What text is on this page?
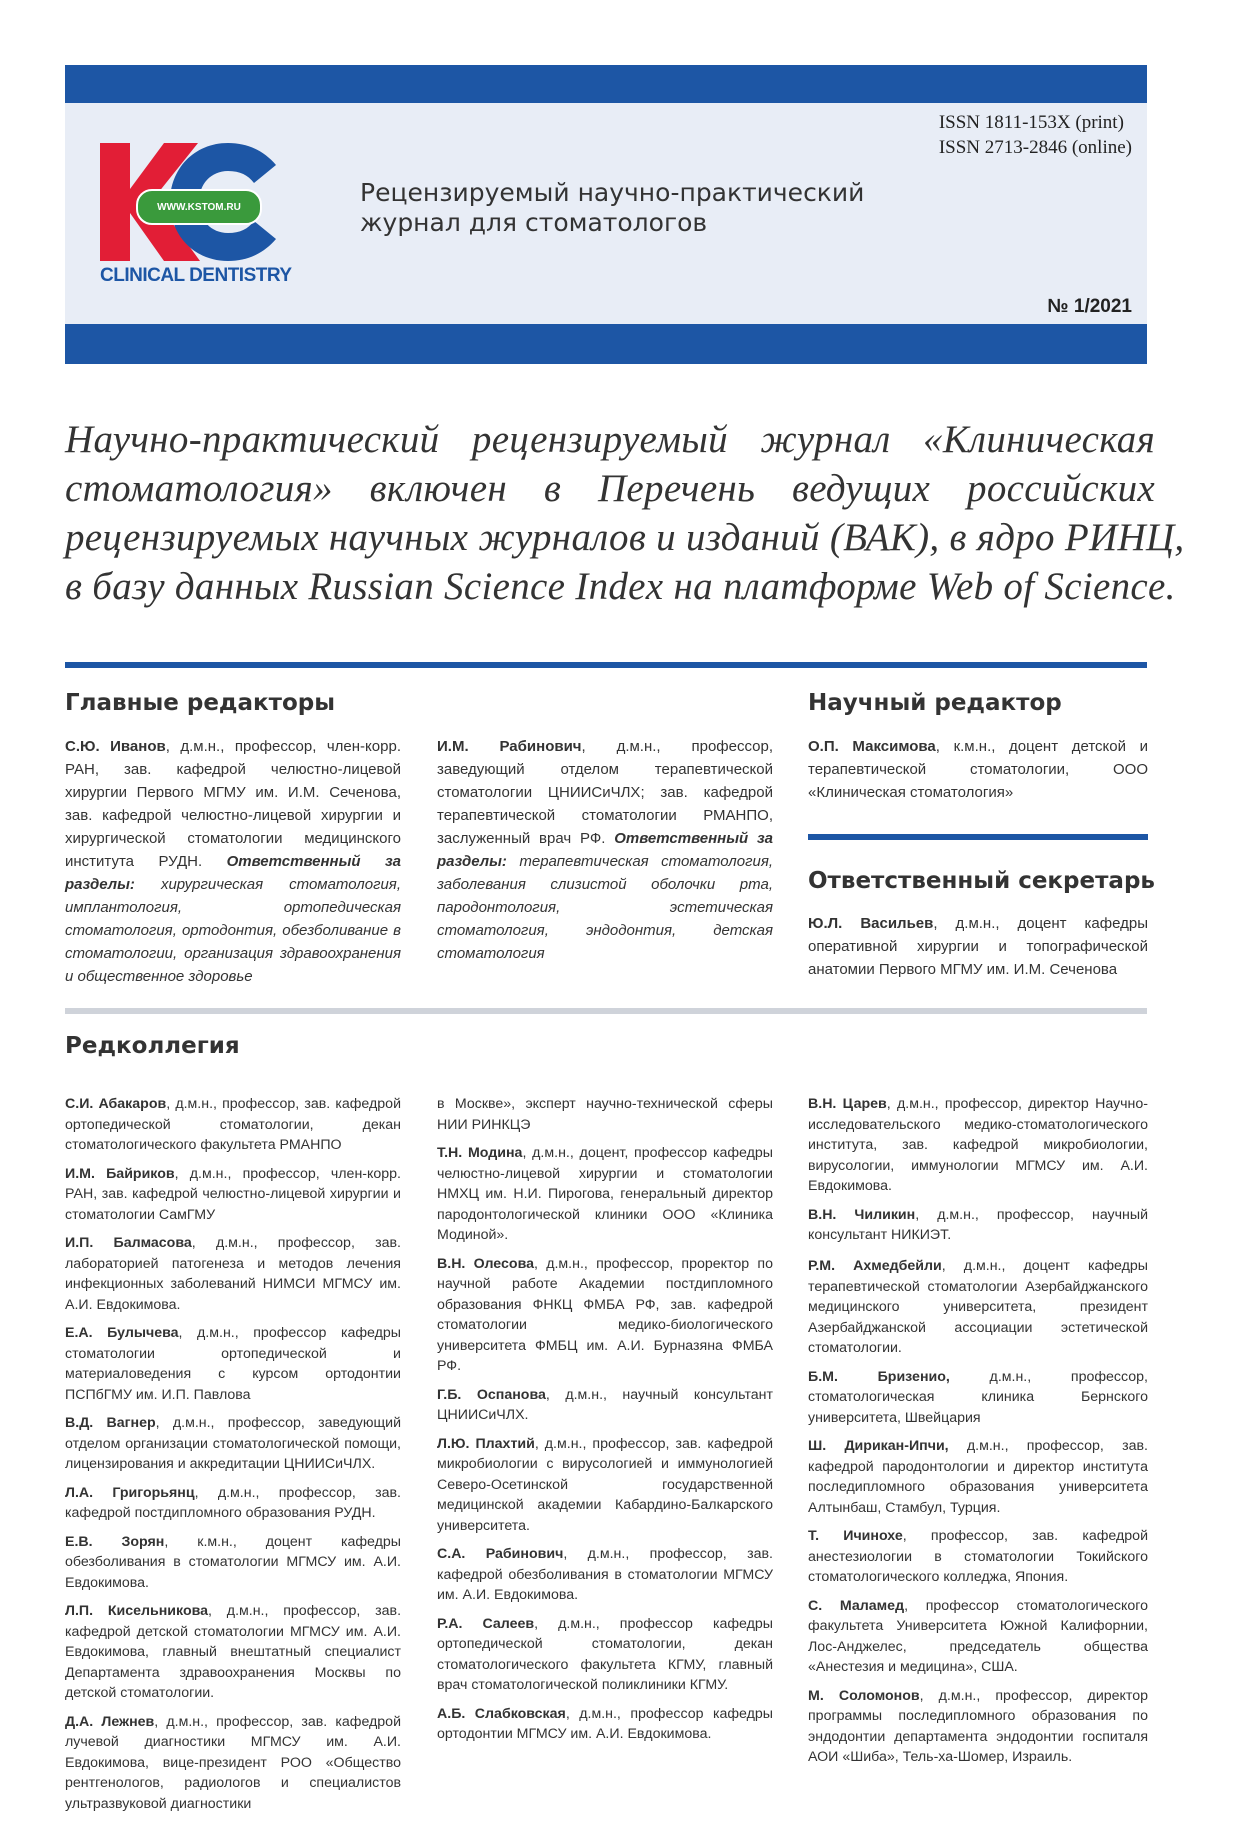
WWW.KSTOM.RU
CLINICAL DENTISTRY
Рецензируемый научно-практический
журнал для стоматологов
ISSN 1811-153X (print)
ISSN 2713-2846 (online)
№ 1/2021
Научно-практический рецензируемый журнал «Клиническая
стоматология» включен в Перечень ведущих российских
рецензируемых научных журналов и изданий (ВАК), в ядро РИНЦ,
в базу данных Russian Science Index на платформе Web of Science.
Главные редакторы

С.Ю. Иванов, д.м.н., профессор, член-корр. РАН, зав. кафедрой челюстно-лицевой хирургии Первого МГМУ им. И.М. Сеченова, зав. кафедрой челюстно-лицевой хирургии и хирургической стоматологии медицинского института РУДН. Ответственный за разделы: хирургическая стоматология, имплантология, ортопедическая стоматология, ортодонтия, обезболивание в стоматологии, организация здравоохранения и общественное здоровье

И.М. Рабинович, д.м.н., профессор, заведующий отделом терапевтической стоматологии ЦНИИСиЧЛХ; зав. кафедрой терапевтической стоматологии РМАНПО, заслуженный врач РФ. Ответственный за разделы: терапевтическая стоматология, заболевания слизистой оболочки рта, пародонтология, эстетическая стоматология, эндодонтия, детская стоматология

Научный редактор

О.П. Максимова, к.м.н., доцент детской и терапевтической стоматологии, ООО «Клиническая стоматология»

Ответственный секретарь

Ю.Л. Васильев, д.м.н., доцент кафедры оперативной хирургии и топографической анатомии Первого МГМУ им. И.М. Сеченова

Редколлегия
С.И. Абакаров, д.м.н., профессор, зав. кафедрой ортопедической стоматологии, декан стоматологического факультета РМАНПО
И.М. Байриков, д.м.н., профессор, член-корр. РАН, зав. кафедрой челюстно-лицевой хирургии и стоматологии СамГМУ
И.П. Балмасова, д.м.н., профессор, зав. лабораторией патогенеза и методов лечения инфекционных заболеваний НИМСИ МГМСУ им. А.И. Евдокимова.
Е.А. Булычева, д.м.н., профессор кафедры стоматологии ортопедической и материаловедения с курсом ортодонтии ПСПбГМУ им. И.П. Павлова
В.Д. Вагнер, д.м.н., профессор, заведующий отделом организации стоматологической помощи, лицензирования и аккредитации ЦНИИСиЧЛХ.
Л.А. Григорьянц, д.м.н., профессор, зав. кафедрой постдипломного образования РУДН.
Е.В. Зорян, к.м.н., доцент кафедры обезболивания в стоматологии МГМСУ им. А.И. Евдокимова.
Л.П. Кисельникова, д.м.н., профессор, зав. кафедрой детской стоматологии МГМСУ им. А.И. Евдокимова, главный внештатный специалист Департамента здравоохранения Москвы по детской стоматологии.
Д.А. Лежнев, д.м.н., профессор, зав. кафедрой лучевой диагностики МГМСУ им. А.И. Евдокимова, вице-президент РОО «Общество рентгенологов, радиологов и специалистов ультразвуковой диагностики
в Москве», эксперт научно-технической сферы НИИ РИНКЦЭ
Т.Н. Модина, д.м.н., доцент, профессор кафедры челюстно-лицевой хирургии и стоматологии НМХЦ им. Н.И. Пирогова, генеральный директор пародонтологической клиники ООО «Клиника Модиной».
В.Н. Олесова, д.м.н., профессор, проректор по научной работе Академии постдипломного образования ФНКЦ ФМБА РФ, зав. кафедрой стоматологии медико-биологического университета ФМБЦ им. А.И. Бурназяна ФМБА РФ.
Г.Б. Оспанова, д.м.н., научный консультант ЦНИИСиЧЛХ.
Л.Ю. Плахтий, д.м.н., профессор, зав. кафедрой микробиологии с вирусологией и иммунологией Северо-Осетинской государственной медицинской академии Кабардино-Балкарского университета.
С.А. Рабинович, д.м.н., профессор, зав. кафедрой обезболивания в стоматологии МГМСУ им. А.И. Евдокимова.
Р.А. Салеев, д.м.н., профессор кафедры ортопедической стоматологии, декан стоматологического факультета КГМУ, главный врач стоматологической поликлиники КГМУ.
А.Б. Слабковская, д.м.н., профессор кафедры ортодонтии МГМСУ им. А.И. Евдокимова.
В.Н. Царев, д.м.н., профессор, директор Научно-исследовательского медико-стоматологического института, зав. кафедрой микробиологии, вирусологии, иммунологии МГМСУ им. А.И. Евдокимова.
В.Н. Чиликин, д.м.н., профессор, научный консультант НИКИЭТ.
Р.М. Ахмедбейли, д.м.н., доцент кафедры терапевтической стоматологии Азербайджанского медицинского университета, президент Азербайджанской ассоциации эстетической стоматологии.
Б.М. Бризенио, д.м.н., профессор, стоматологическая клиника Бернского университета, Швейцария
Ш. Дирикан-Ипчи, д.м.н., профессор, зав. кафедрой пародонтологии и директор института последипломного образования университета Алтынбаш, Стамбул, Турция.
Т. Ичинохе, профессор, зав. кафедрой анестезиологии в стоматологии Токийского стоматологического колледжа, Япония.
С. Маламед, профессор стоматологического факультета Университета Южной Калифорнии, Лос-Анджелес, председатель общества «Анестезия и медицина», США.
М. Соломонов, д.м.н., профессор, директор программы последипломного образования по эндодонтии департамента эндодонтии госпиталя АОИ «Шиба», Тель-ха-Шомер, Израиль.
